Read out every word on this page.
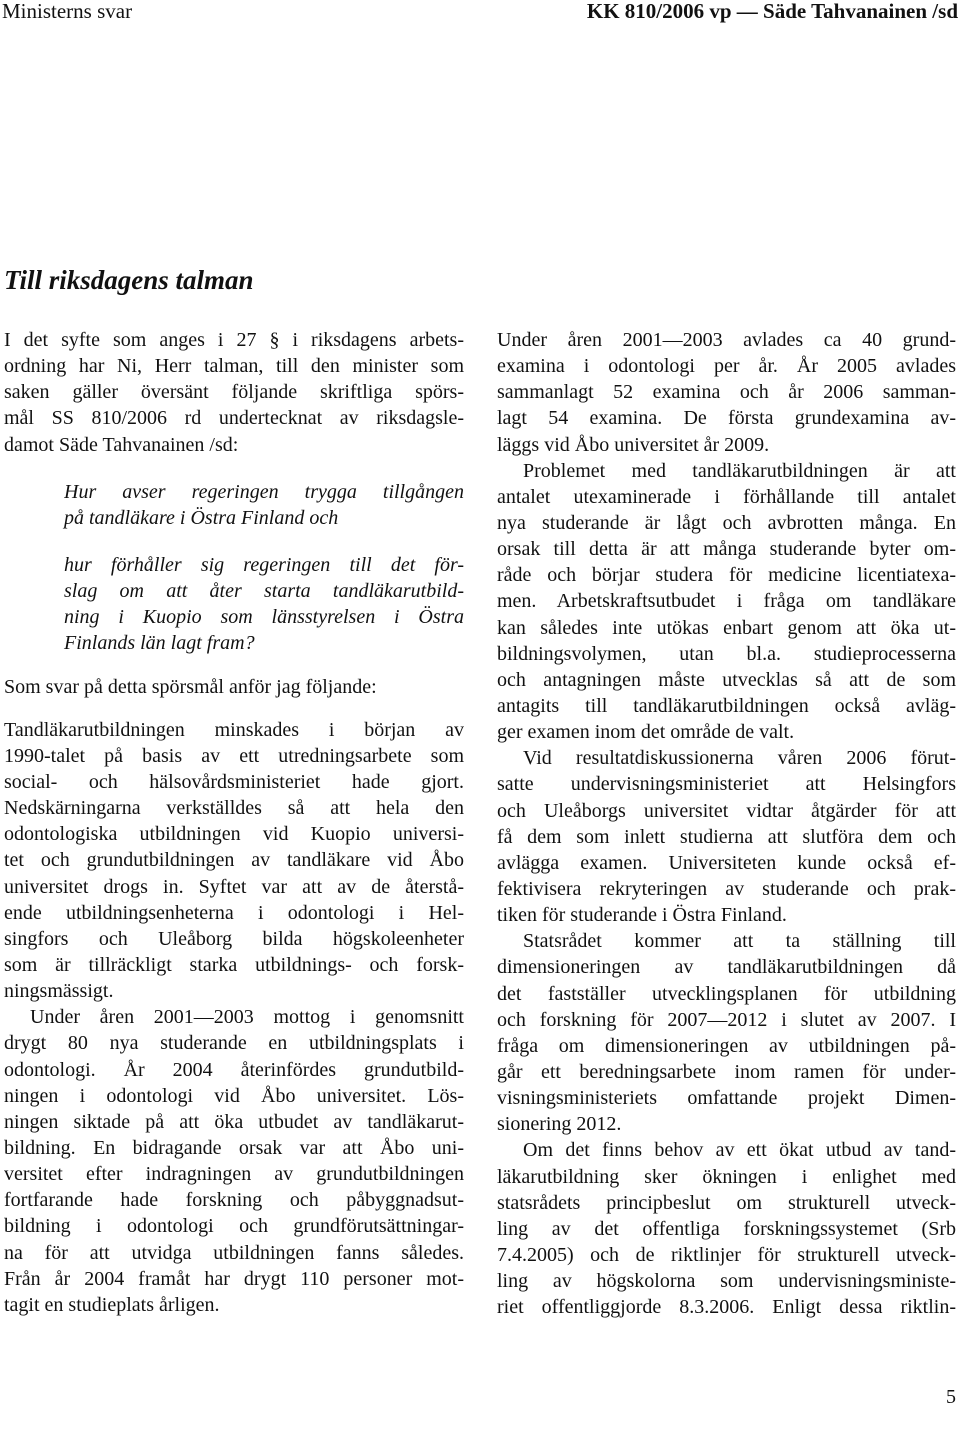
Ministerns svar	KK 810/2006 vp — Säde Tahvanainen /sd
Till riksdagens talman
I det syfte som anges i 27 § i riksdagens arbets-
ordning har Ni, Herr talman, till den minister som
saken gäller översänt följande skriftliga spörs-
mål SS 810/2006 rd undertecknat av riksdagsle-
damot Säde Tahvanainen /sd:
Hur avser regeringen trygga tillgången
på tandläkare i Östra Finland och
hur förhåller sig regeringen till det för-
slag om att åter starta tandläkarutbild-
ning i Kuopio som länsstyrelsen i Östra
Finlands län lagt fram?
Som svar på detta spörsmål anför jag följande:
Tandläkarutbildningen minskades i början av
1990-talet på basis av ett utredningsarbete som
social- och hälsovårdsministeriet hade gjort.
Nedskärningarna verkställdes så att hela den
odontologiska utbildningen vid Kuopio universi-
tet och grundutbildningen av tandläkare vid Åbo
universitet drogs in. Syftet var att av de återstå-
ende utbildningsenheterna i odontologi i Hel-
singfors och Uleåborg bilda högskoleenheter
som är tillräckligt starka utbildnings- och forsk-
ningsmässigt.
Under åren 2001—2003 mottog i genomsnitt
drygt 80 nya studerande en utbildningsplats i
odontologi. År 2004 återinfördes grundutbild-
ningen i odontologi vid Åbo universitet. Lös-
ningen siktade på att öka utbudet av tandläkarut-
bildning. En bidragande orsak var att Åbo uni-
versitet efter indragningen av grundutbildningen
fortfarande hade forskning och påbyggnadsut-
bildning i odontologi och grundförutsättningar-
na för att utvidga utbildningen fanns således.
Från år 2004 framåt har drygt 110 personer mot-
tagit en studieplats årligen.
Under åren 2001—2003 avlades ca 40 grund-
examina i odontologi per år. År 2005 avlades
sammanlagt 52 examina och år 2006 samman-
lagt 54 examina. De första grundexamina av-
läggs vid Åbo universitet år 2009.
Problemet med tandläkarutbildningen är att
antalet utexaminerade i förhållande till antalet
nya studerande är lågt och avbrotten många. En
orsak till detta är att många studerande byter om-
råde och börjar studera för medicine licentiatexa-
men. Arbetskraftsutbudet i fråga om tandläkare
kan således inte utökas enbart genom att öka ut-
bildningsvolymen, utan bl.a. studieprocesserna
och antagningen måste utvecklas så att de som
antagits till tandläkarutbildningen också avläg-
ger examen inom det område de valt.
Vid resultatdiskussionerna våren 2006 förut-
satte undervisningsministeriet att Helsingfors
och Uleåborgs universitet vidtar åtgärder för att
få dem som inlett studierna att slutföra dem och
avlägga examen. Universiteten kunde också ef-
fektivisera rekryteringen av studerande och prak-
tiken för studerande i Östra Finland.
Statsrådet kommer att ta ställning till
dimensioneringen av tandläkarutbildningen då
det fastställer utvecklingsplanen för utbildning
och forskning för 2007—2012 i slutet av 2007. I
fråga om dimensioneringen av utbildningen på-
går ett beredningsarbete inom ramen för under-
visningsministeriets omfattande projekt Dimen-
sionering 2012.
Om det finns behov av ett ökat utbud av tand-
läkarutbildning sker ökningen i enlighet med
statsrådets principbeslut om strukturell utveck-
ling av det offentliga forskningssystemet (Srb
7.4.2005) och de riktlinjer för strukturell utveck-
ling av högskolorna som undervisningsministe-
riet offentliggjorde 8.3.2006. Enligt dessa riktlin-
5
